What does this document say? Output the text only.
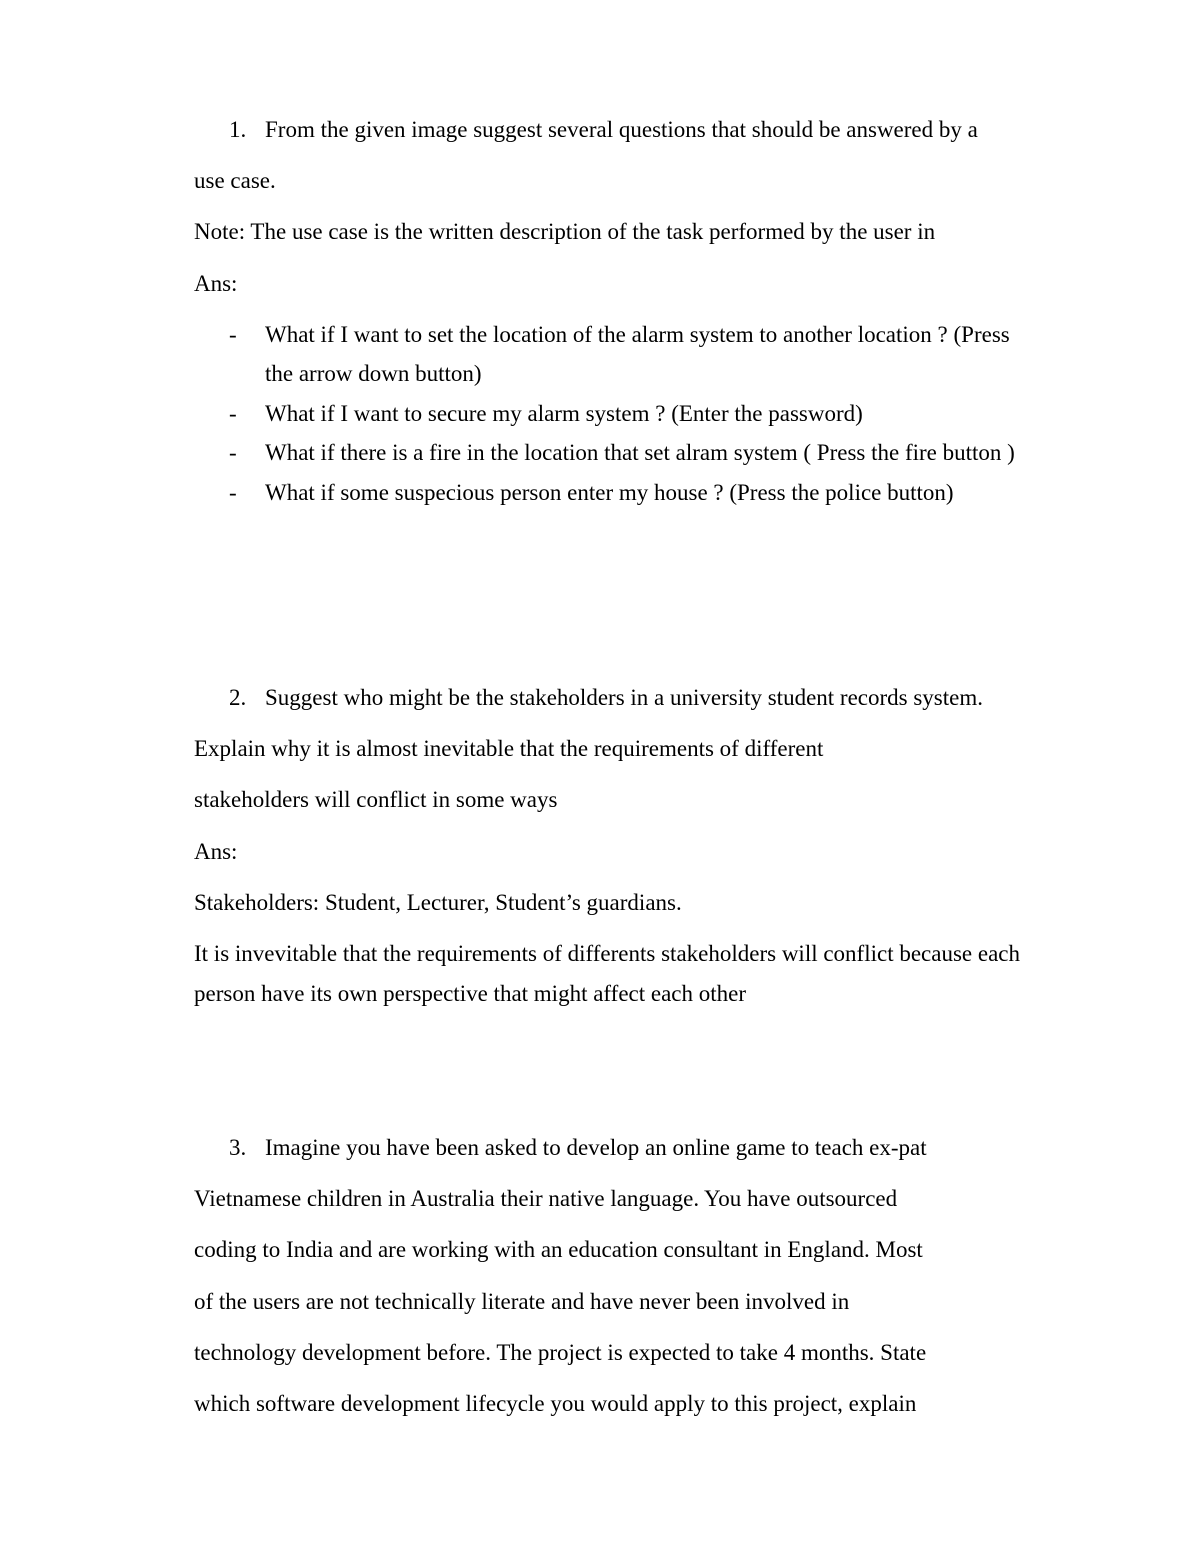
1. From the given image suggest several questions that should be answered by a
use case.
Note: The use case is the written description of the task performed by the user in
Ans:
- What if I want to set the location of the alarm system to another location ? (Press
the arrow down button)
- What if I want to secure my alarm system ? (Enter the password)
- What if there is a fire in the location that set alram system ( Press the fire button )
- What if some suspecious person enter my house ? (Press the police button)
2. Suggest who might be the stakeholders in a university student records system.
Explain why it is almost inevitable that the requirements of different
stakeholders will conflict in some ways
Ans:
Stakeholders: Student, Lecturer, Student’s guardians.
It is invevitable that the requirements of differents stakeholders will conflict because each
person have its own perspective that might affect each other
3. Imagine you have been asked to develop an online game to teach ex-pat
Vietnamese children in Australia their native language. You have outsourced
coding to India and are working with an education consultant in England. Most
of the users are not technically literate and have never been involved in
technology development before. The project is expected to take 4 months. State
which software development lifecycle you would apply to this project, explain
